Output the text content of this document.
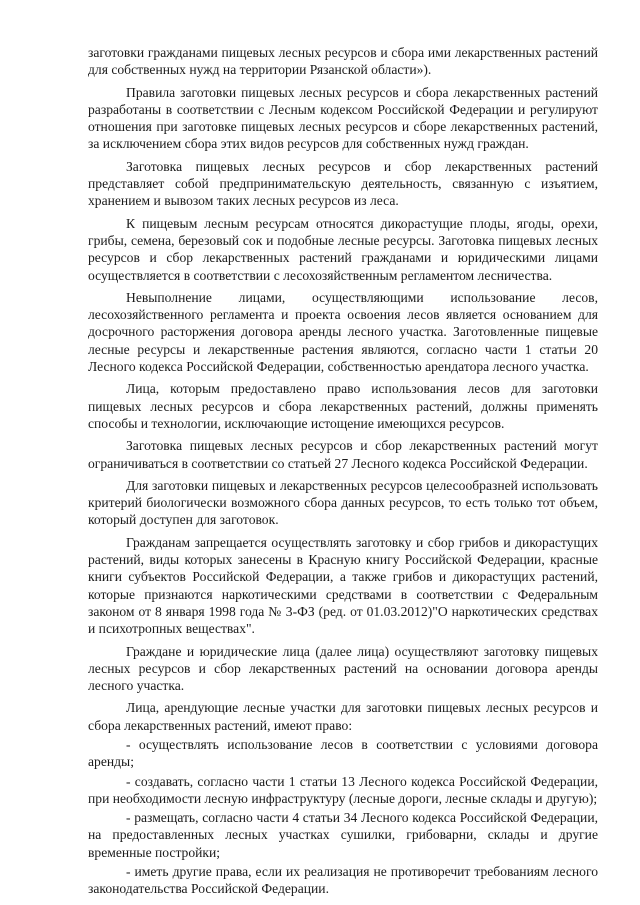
заготовки гражданами пищевых лесных ресурсов и сбора ими лекарственных растений для собственных нужд на территории Рязанской области»).

Правила заготовки пищевых лесных ресурсов и сбора лекарственных растений разработаны в соответствии с Лесным кодексом Российской Федерации и регулируют отношения при заготовке пищевых лесных ресурсов и сборе лекарственных растений, за исключением сбора этих видов ресурсов для собственных нужд граждан.

Заготовка пищевых лесных ресурсов и сбор лекарственных растений представляет собой предпринимательскую деятельность, связанную с изъятием, хранением и вывозом таких лесных ресурсов из леса.

К пищевым лесным ресурсам относятся дикорастущие плоды, ягоды, орехи, грибы, семена, березовый сок и подобные лесные ресурсы. Заготовка пищевых лесных ресурсов и сбор лекарственных растений гражданами и юридическими лицами осуществляется в соответствии с лесохозяйственным регламентом лесничества.

Невыполнение лицами, осуществляющими использование лесов, лесохозяйственного регламента и проекта освоения лесов является основанием для досрочного расторжения договора аренды лесного участка. Заготовленные пищевые лесные ресурсы и лекарственные растения являются, согласно части 1 статьи 20 Лесного кодекса Российской Федерации, собственностью арендатора лесного участка.

Лица, которым предоставлено право использования лесов для заготовки пищевых лесных ресурсов и сбора лекарственных растений, должны применять способы и технологии, исключающие истощение имеющихся ресурсов.

Заготовка пищевых лесных ресурсов и сбор лекарственных растений могут ограничиваться в соответствии со статьей 27 Лесного кодекса Российской Федерации.

Для заготовки пищевых и лекарственных ресурсов целесообразней использовать критерий биологически возможного сбора данных ресурсов, то есть только тот объем, который доступен для заготовок.

Гражданам запрещается осуществлять заготовку и сбор грибов и дикорастущих растений, виды которых занесены в Красную книгу Российской Федерации, красные книги субъектов Российской Федерации, а также грибов и дикорастущих растений, которые признаются наркотическими средствами в соответствии с Федеральным законом от 8 января 1998 года № 3-ФЗ (ред. от 01.03.2012)"О наркотических средствах и психотропных веществах".

Граждане и юридические лица (далее лица) осуществляют заготовку пищевых лесных ресурсов и сбор лекарственных растений на основании договора аренды лесного участка.

Лица, арендующие лесные участки для заготовки пищевых лесных ресурсов и сбора лекарственных растений, имеют право:

- осуществлять использование лесов в соответствии с условиями договора аренды;

- создавать, согласно части 1 статьи 13 Лесного кодекса Российской Федерации, при необходимости лесную инфраструктуру (лесные дороги, лесные склады и другую);

- размещать, согласно части 4 статьи 34 Лесного кодекса Российской Федерации, на предоставленных лесных участках сушилки, грибоварни, склады и другие временные постройки;

- иметь другие права, если их реализация не противоречит требованиям лесного законодательства Российской Федерации.
